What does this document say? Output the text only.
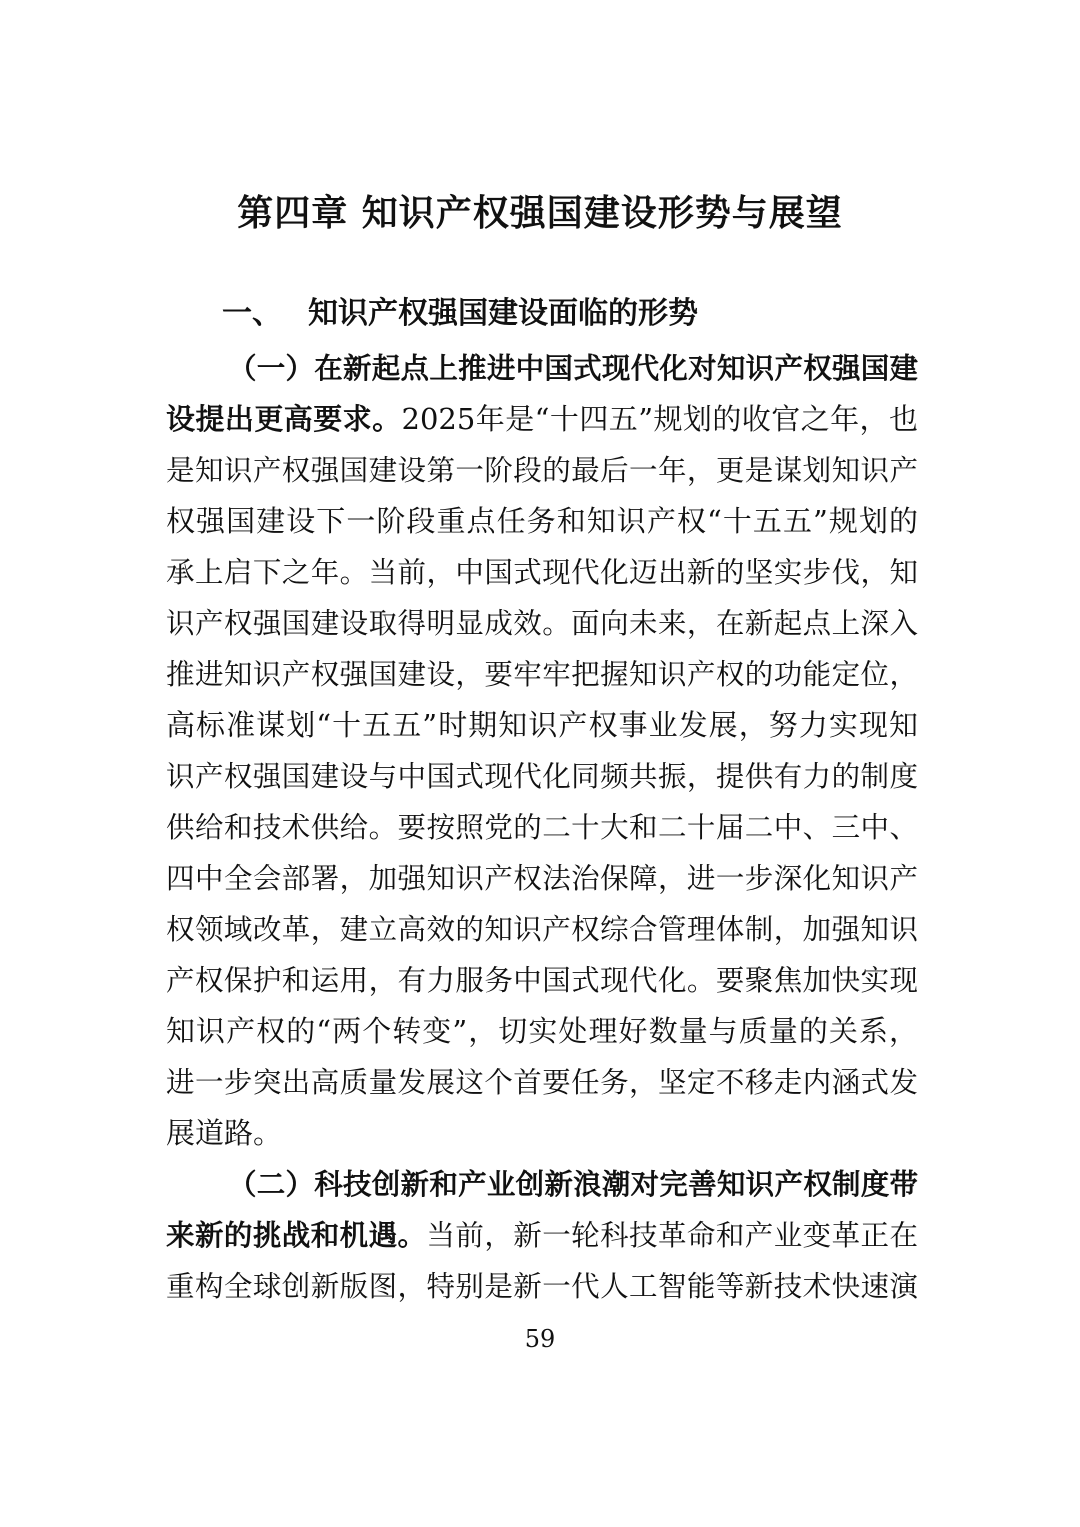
第四章 知识产权强国建设形势与展望
一、 知识产权强国建设面临的形势
（一）在新起点上推进中国式现代化对知识产权强国建
设提出更高要求。2025年是“十四五”规划的收官之年，也
是知识产权强国建设第一阶段的最后一年，更是谋划知识产
权强国建设下一阶段重点任务和知识产权“十五五”规划的
承上启下之年。当前，中国式现代化迈出新的坚实步伐，知
识产权强国建设取得明显成效。面向未来，在新起点上深入
推进知识产权强国建设，要牢牢把握知识产权的功能定位，
高标准谋划“十五五”时期知识产权事业发展，努力实现知
识产权强国建设与中国式现代化同频共振，提供有力的制度
供给和技术供给。要按照党的二十大和二十届二中、三中、
四中全会部署，加强知识产权法治保障，进一步深化知识产
权领域改革，建立高效的知识产权综合管理体制，加强知识
产权保护和运用，有力服务中国式现代化。要聚焦加快实现
知识产权的“两个转变”，切实处理好数量与质量的关系，
进一步突出高质量发展这个首要任务，坚定不移走内涵式发
展道路。
（二）科技创新和产业创新浪潮对完善知识产权制度带
来新的挑战和机遇。当前，新一轮科技革命和产业变革正在
重构全球创新版图，特别是新一代人工智能等新技术快速演
59
